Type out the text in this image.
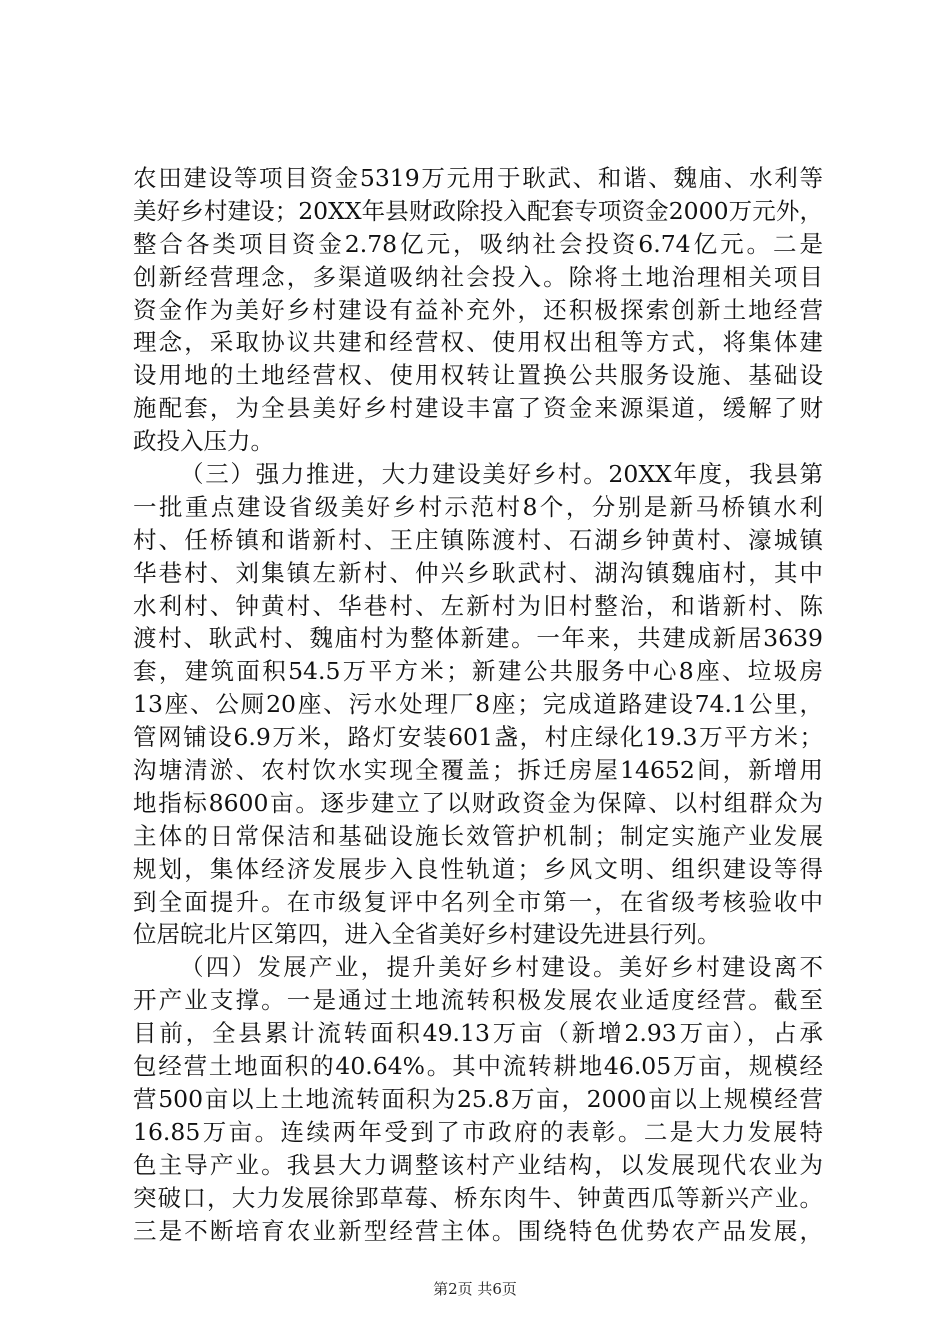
农田建设等项目资金5319万元用于耿武、和谐、魏庙、水利等
美好乡村建设；20XX年县财政除投入配套专项资金2000万元外，
整合各类项目资金2.78亿元，吸纳社会投资6.74亿元。二是
创新经营理念，多渠道吸纳社会投入。除将土地治理相关项目
资金作为美好乡村建设有益补充外，还积极探索创新土地经营
理念，采取协议共建和经营权、使用权出租等方式，将集体建
设用地的土地经营权、使用权转让置换公共服务设施、基础设
施配套，为全县美好乡村建设丰富了资金来源渠道，缓解了财
政投入压力。
（三）强力推进，大力建设美好乡村。20XX年度，我县第
一批重点建设省级美好乡村示范村8个，分别是新马桥镇水利
村、任桥镇和谐新村、王庄镇陈渡村、石湖乡钟黄村、濠城镇
华巷村、刘集镇左新村、仲兴乡耿武村、湖沟镇魏庙村，其中
水利村、钟黄村、华巷村、左新村为旧村整治，和谐新村、陈
渡村、耿武村、魏庙村为整体新建。一年来，共建成新居3639
套，建筑面积54.5万平方米；新建公共服务中心8座、垃圾房
13座、公厕20座、污水处理厂8座；完成道路建设74.1公里，
管网铺设6.9万米，路灯安装601盏，村庄绿化19.3万平方米；
沟塘清淤、农村饮水实现全覆盖；拆迁房屋14652间，新增用
地指标8600亩。逐步建立了以财政资金为保障、以村组群众为
主体的日常保洁和基础设施长效管护机制；制定实施产业发展
规划，集体经济发展步入良性轨道；乡风文明、组织建设等得
到全面提升。在市级复评中名列全市第一，在省级考核验收中
位居皖北片区第四，进入全省美好乡村建设先进县行列。
（四）发展产业，提升美好乡村建设。美好乡村建设离不
开产业支撑。一是通过土地流转积极发展农业适度经营。截至
目前，全县累计流转面积49.13万亩（新增2.93万亩），占承
包经营土地面积的40.64%。其中流转耕地46.05万亩，规模经
营500亩以上土地流转面积为25.8万亩，2000亩以上规模经营
16.85万亩。连续两年受到了市政府的表彰。二是大力发展特
色主导产业。我县大力调整该村产业结构，以发展现代农业为
突破口，大力发展徐郢草莓、桥东肉牛、钟黄西瓜等新兴产业。
三是不断培育农业新型经营主体。围绕特色优势农产品发展，
第2页 共6页
